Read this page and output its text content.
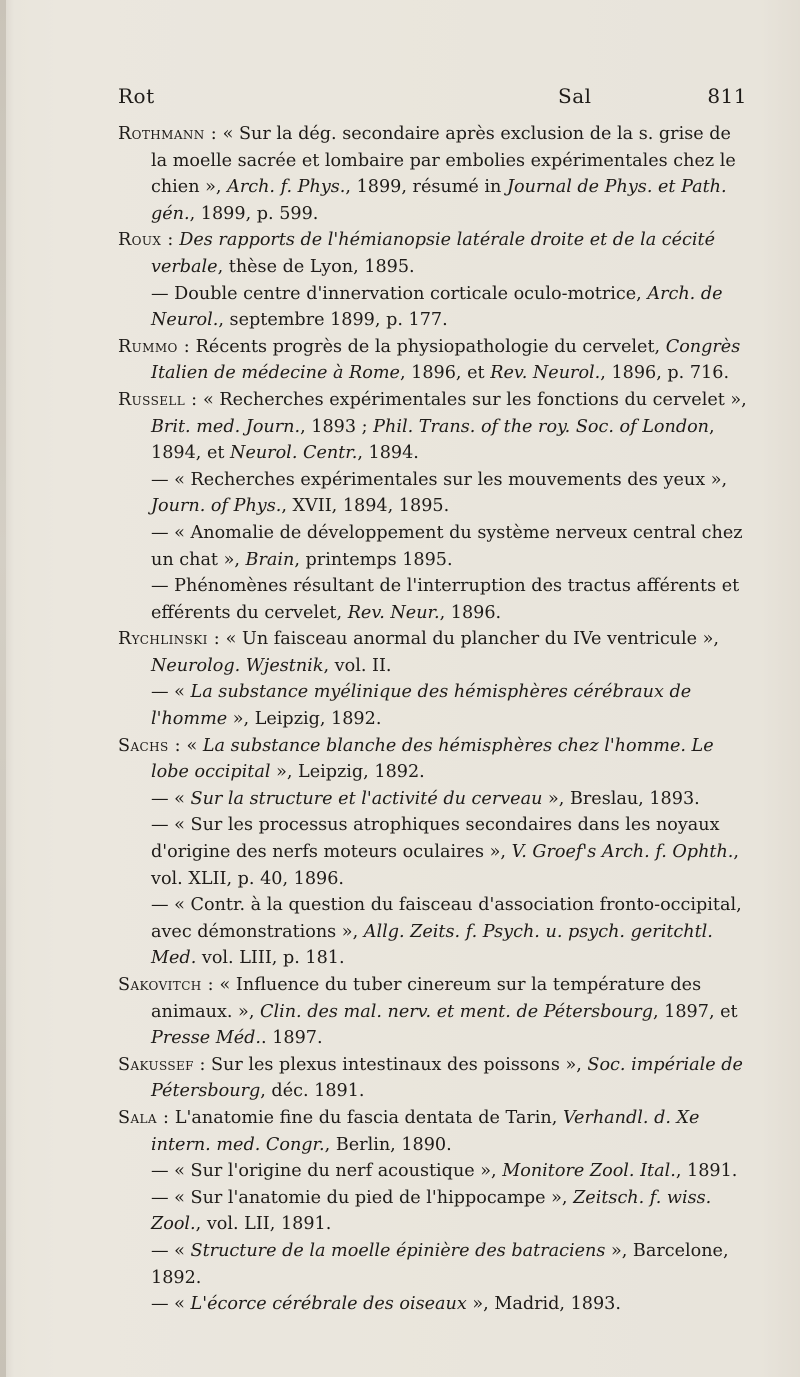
Rot	Sal	811

Rothmann : « Sur la dég. secondaire après exclusion de la s. grise de la moelle sacrée et lombaire par embolies expérimentales chez le chien », Arch. f. Phys., 1899, résumé in Journal de Phys. et Path. gén., 1899, p. 599.

Roux : Des rapports de l'hémianopsie latérale droite et de la cécité verbale, thèse de Lyon, 1895.

— Double centre d'innervation corticale oculo-motrice, Arch. de Neurol., septembre 1899, p. 177.

Rummo : Récents progrès de la physiopathologie du cervelet, Congrès Italien de médecine à Rome, 1896, et Rev. Neurol., 1896, p. 716.

Russell : « Recherches expérimentales sur les fonctions du cervelet », Brit. med. Journ., 1893 ; Phil. Trans. of the roy. Soc. of London, 1894, et Neurol. Centr., 1894.

— « Recherches expérimentales sur les mouvements des yeux », Journ. of Phys., XVII, 1894, 1895.

— « Anomalie de développement du système nerveux central chez un chat », Brain, printemps 1895.

— Phénomènes résultant de l'interruption des tractus afférents et efférents du cervelet, Rev. Neur., 1896.

Rychlinski : « Un faisceau anormal du plancher du IVe ventricule », Neurolog. Wjestnik, vol. II.

— « La substance myélinique des hémisphères cérébraux de l'homme », Leipzig, 1892.

Sachs : « La substance blanche des hémisphères chez l'homme. Le lobe occipital », Leipzig, 1892.

— « Sur la structure et l'activité du cerveau », Breslau, 1893.

— « Sur les processus atrophiques secondaires dans les noyaux d'origine des nerfs moteurs oculaires », V. Groef's Arch. f. Ophth., vol. XLII, p. 40, 1896.

— « Contr. à la question du faisceau d'association fronto-occipital, avec démonstrations », Allg. Zeits. f. Psych. u. psych. geritchtl. Med. vol. LIII, p. 181.

Sakovitch : « Influence du tuber cinereum sur la température des animaux. », Clin. des mal. nerv. et ment. de Pétersbourg, 1897, et Presse Méd.. 1897.

Sakussef : Sur les plexus intestinaux des poissons », Soc. impériale de Pétersbourg, déc. 1891.

Sala : L'anatomie fine du fascia dentata de Tarin, Verhandl. d. Xe intern. med. Congr., Berlin, 1890.

— « Sur l'origine du nerf acoustique », Monitore Zool. Ital., 1891.

— « Sur l'anatomie du pied de l'hippocampe », Zeitsch. f. wiss. Zool., vol. LII, 1891.

— « Structure de la moelle épinière des batraciens », Barcelone, 1892.

— « L'écorce cérébrale des oiseaux », Madrid, 1893.
